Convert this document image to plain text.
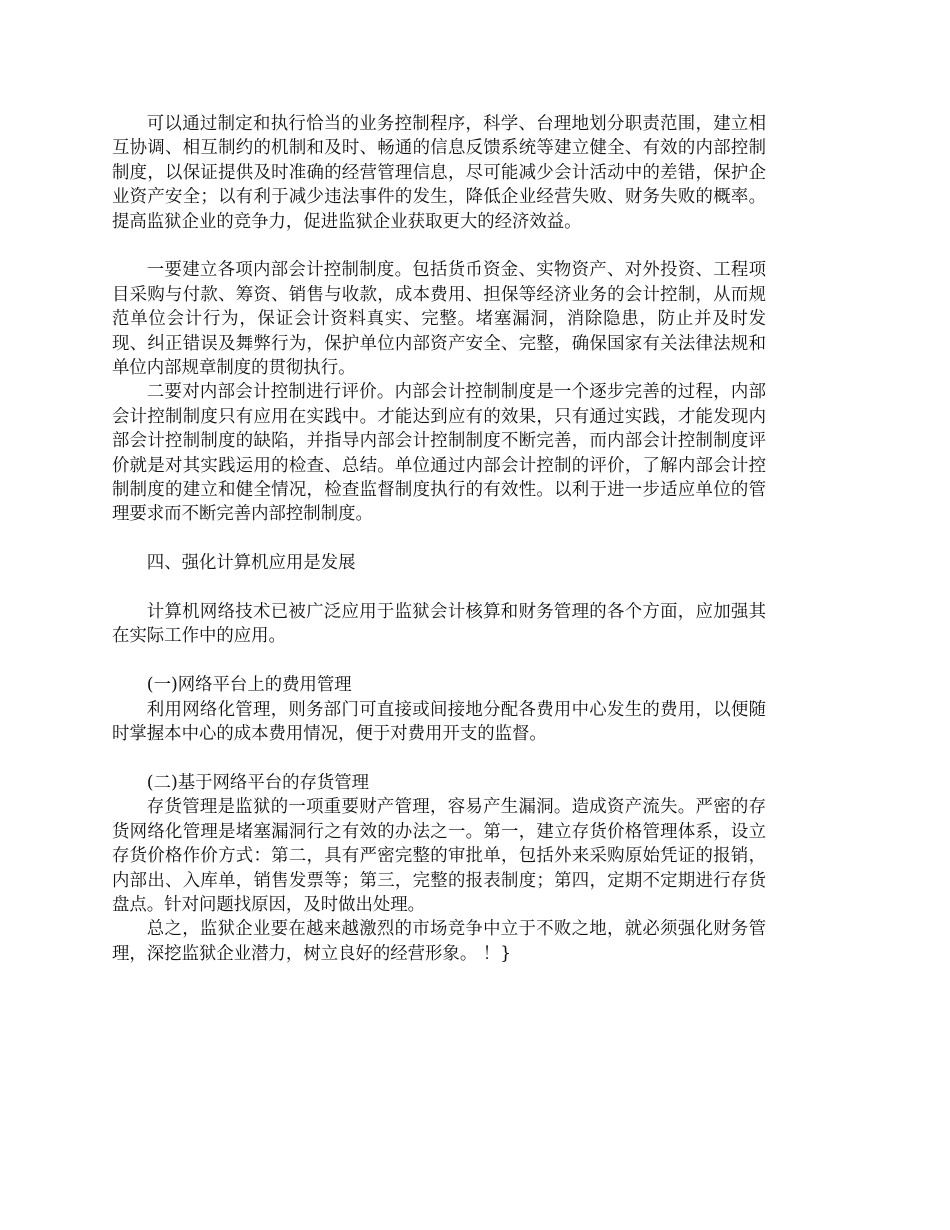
可以通过制定和执行恰当的业务控制程序，科学、台理地划分职责范围，建立相互协调、相互制约的机制和及时、畅通的信息反馈系统等建立健全、有效的内部控制制度，以保证提供及时准确的经营管理信息，尽可能减少会计活动中的差错，保护企业资产安全；以有利于减少违法事件的发生，降低企业经营失败、财务失败的概率。提高监狱企业的竞争力，促进监狱企业获取更大的经济效益。

一要建立各项内部会计控制制度。包括货币资金、实物资产、对外投资、工程项目采购与付款、筹资、销售与收款，成本费用、担保等经济业务的会计控制，从而规范单位会计行为，保证会计资料真实、完整。堵塞漏洞，消除隐患，防止并及时发现、纠正错误及舞弊行为，保护单位内部资产安全、完整，确保国家有关法律法规和单位内部规章制度的贯彻执行。

二要对内部会计控制进行评价。内部会计控制制度是一个逐步完善的过程，内部会计控制制度只有应用在实践中。才能达到应有的效果，只有通过实践，才能发现内部会计控制制度的缺陷，并指导内部会计控制制度不断完善，而内部会计控制制度评价就是对其实践运用的检查、总结。单位通过内部会计控制的评价，了解内部会计控制制度的建立和健全情况，检查监督制度执行的有效性。以利于进一步适应单位的管理要求而不断完善内部控制制度。

四、强化计算机应用是发展

计算机网络技术已被广泛应用于监狱会计核算和财务管理的各个方面，应加强其在实际工作中的应用。

(一)网络平台上的费用管理

利用网络化管理，则务部门可直接或间接地分配各费用中心发生的费用，以便随时掌握本中心的成本费用情况，便于对费用开支的监督。

(二)基于网络平台的存货管理

存货管理是监狱的一项重要财产管理，容易产生漏洞。造成资产流失。严密的存货网络化管理是堵塞漏洞行之有效的办法之一。第一，建立存货价格管理体系，设立存货价格作价方式：第二，具有严密完整的审批单，包括外来采购原始凭证的报销，内部出、入库单，销售发票等；第三，完整的报表制度；第四，定期不定期进行存货盘点。针对问题找原因，及时做出处理。

总之，监狱企业要在越来越激烈的市场竞争中立于不败之地，就必须强化财务管理，深挖监狱企业潜力，树立良好的经营形象。 ！}
